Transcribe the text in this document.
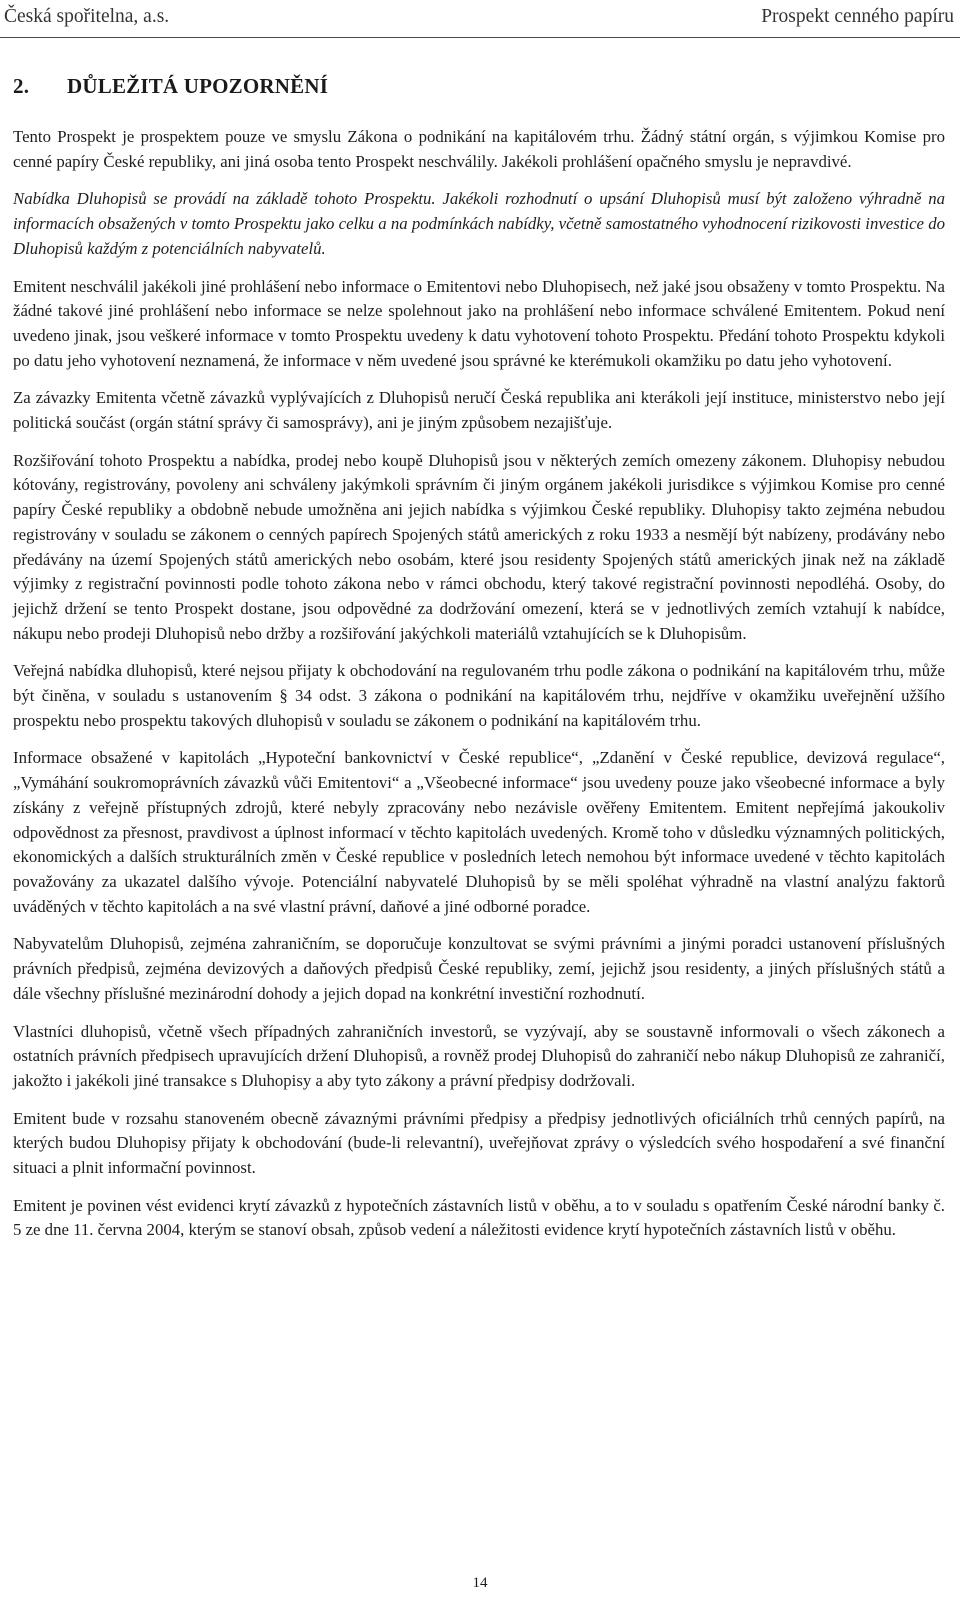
Česká spořitelna, a.s.	Prospekt cenného papíru
2. DŮLEŽITÁ UPOZORNĚNÍ

Tento Prospekt je prospektem pouze ve smyslu Zákona o podnikání na kapitálovém trhu. Žádný státní orgán, s výjimkou Komise pro cenné papíry České republiky, ani jiná osoba tento Prospekt neschválily. Jakékoli prohlášení opačného smyslu je nepravdivé.

Nabídka Dluhopisů se provádí na základě tohoto Prospektu. Jakékoli rozhodnutí o upsání Dluhopisů musí být založeno výhradně na informacích obsažených v tomto Prospektu jako celku a na podmínkách nabídky, včetně samostatného vyhodnocení rizikovosti investice do Dluhopisů každým z potenciálních nabyvatelů.

Emitent neschválil jakékoli jiné prohlášení nebo informace o Emitentovi nebo Dluhopisech, než jaké jsou obsaženy v tomto Prospektu. Na žádné takové jiné prohlášení nebo informace se nelze spolehnout jako na prohlášení nebo informace schválené Emitentem. Pokud není uvedeno jinak, jsou veškeré informace v tomto Prospektu uvedeny k datu vyhotovení tohoto Prospektu. Předání tohoto Prospektu kdykoli po datu jeho vyhotovení neznamená, že informace v něm uvedené jsou správné ke kterémukoli okamžiku po datu jeho vyhotovení.

Za závazky Emitenta včetně závazků vyplývajících z Dluhopisů neručí Česká republika ani kterákoli její instituce, ministerstvo nebo její politická součást (orgán státní správy či samosprávy), ani je jiným způsobem nezajišťuje.

Rozšiřování tohoto Prospektu a nabídka, prodej nebo koupě Dluhopisů jsou v některých zemích omezeny zákonem. Dluhopisy nebudou kótovány, registrovány, povoleny ani schváleny jakýmkoli správním či jiným orgánem jakékoli jurisdikce s výjimkou Komise pro cenné papíry České republiky a obdobně nebude umožněna ani jejich nabídka s výjimkou České republiky. Dluhopisy takto zejména nebudou registrovány v souladu se zákonem o cenných papírech Spojených států amerických z roku 1933 a nesmějí být nabízeny, prodávány nebo předávány na území Spojených států amerických nebo osobám, které jsou residenty Spojených států amerických jinak než na základě výjimky z registrační povinnosti podle tohoto zákona nebo v rámci obchodu, který takové registrační povinnosti nepodléhá. Osoby, do jejichž držení se tento Prospekt dostane, jsou odpovědné za dodržování omezení, která se v jednotlivých zemích vztahují k nabídce, nákupu nebo prodeji Dluhopisů nebo držby a rozšiřování jakýchkoli materiálů vztahujících se k Dluhopisům.

Veřejná nabídka dluhopisů, které nejsou přijaty k obchodování na regulovaném trhu podle zákona o podnikání na kapitálovém trhu, může být činěna, v souladu s ustanovením § 34 odst. 3 zákona o podnikání na kapitálovém trhu, nejdříve v okamžiku uveřejnění užšího prospektu nebo prospektu takových dluhopisů v souladu se zákonem o podnikání na kapitálovém trhu.

Informace obsažené v kapitolách „Hypoteční bankovnictví v České republice“, „Zdanění v České republice, devizová regulace“, „Vymáhání soukromoprávních závazků vůči Emitentovi“ a „Všeobecné informace“ jsou uvedeny pouze jako všeobecné informace a byly získány z veřejně přístupných zdrojů, které nebyly zpracovány nebo nezávisle ověřeny Emitentem. Emitent nepřejímá jakoukoliv odpovědnost za přesnost, pravdivost a úplnost informací v těchto kapitolách uvedených. Kromě toho v důsledku významných politických, ekonomických a dalších strukturálních změn v České republice v posledních letech nemohou být informace uvedené v těchto kapitolách považovány za ukazatel dalšího vývoje. Potenciální nabyvatelé Dluhopisů by se měli spoléhat výhradně na vlastní analýzu faktorů uváděných v těchto kapitolách a na své vlastní právní, daňové a jiné odborné poradce.

Nabyvatelům Dluhopisů, zejména zahraničním, se doporučuje konzultovat se svými právními a jinými poradci ustanovení příslušných právních předpisů, zejména devizových a daňových předpisů České republiky, zemí, jejichž jsou residenty, a jiných příslušných států a dále všechny příslušné mezinárodní dohody a jejich dopad na konkrétní investiční rozhodnutí.

Vlastníci dluhopisů, včetně všech případných zahraničních investorů, se vyzývají, aby se soustavně informovali o všech zákonech a ostatních právních předpisech upravujících držení Dluhopisů, a rovněž prodej Dluhopisů do zahraničí nebo nákup Dluhopisů ze zahraničí, jakožto i jakékoli jiné transakce s Dluhopisy a aby tyto zákony a právní předpisy dodržovali.

Emitent bude v rozsahu stanoveném obecně závaznými právními předpisy a předpisy jednotlivých oficiálních trhů cenných papírů, na kterých budou Dluhopisy přijaty k obchodování (bude-li relevantní), uveřejňovat zprávy o výsledcích svého hospodaření a své finanční situaci a plnit informační povinnost.

Emitent je povinen vést evidenci krytí závazků z hypotečních zástavních listů v oběhu, a to v souladu s opatřením České národní banky č. 5 ze dne 11. června 2004, kterým se stanoví obsah, způsob vedení a náležitosti evidence krytí hypotečních zástavních listů v oběhu.

14
